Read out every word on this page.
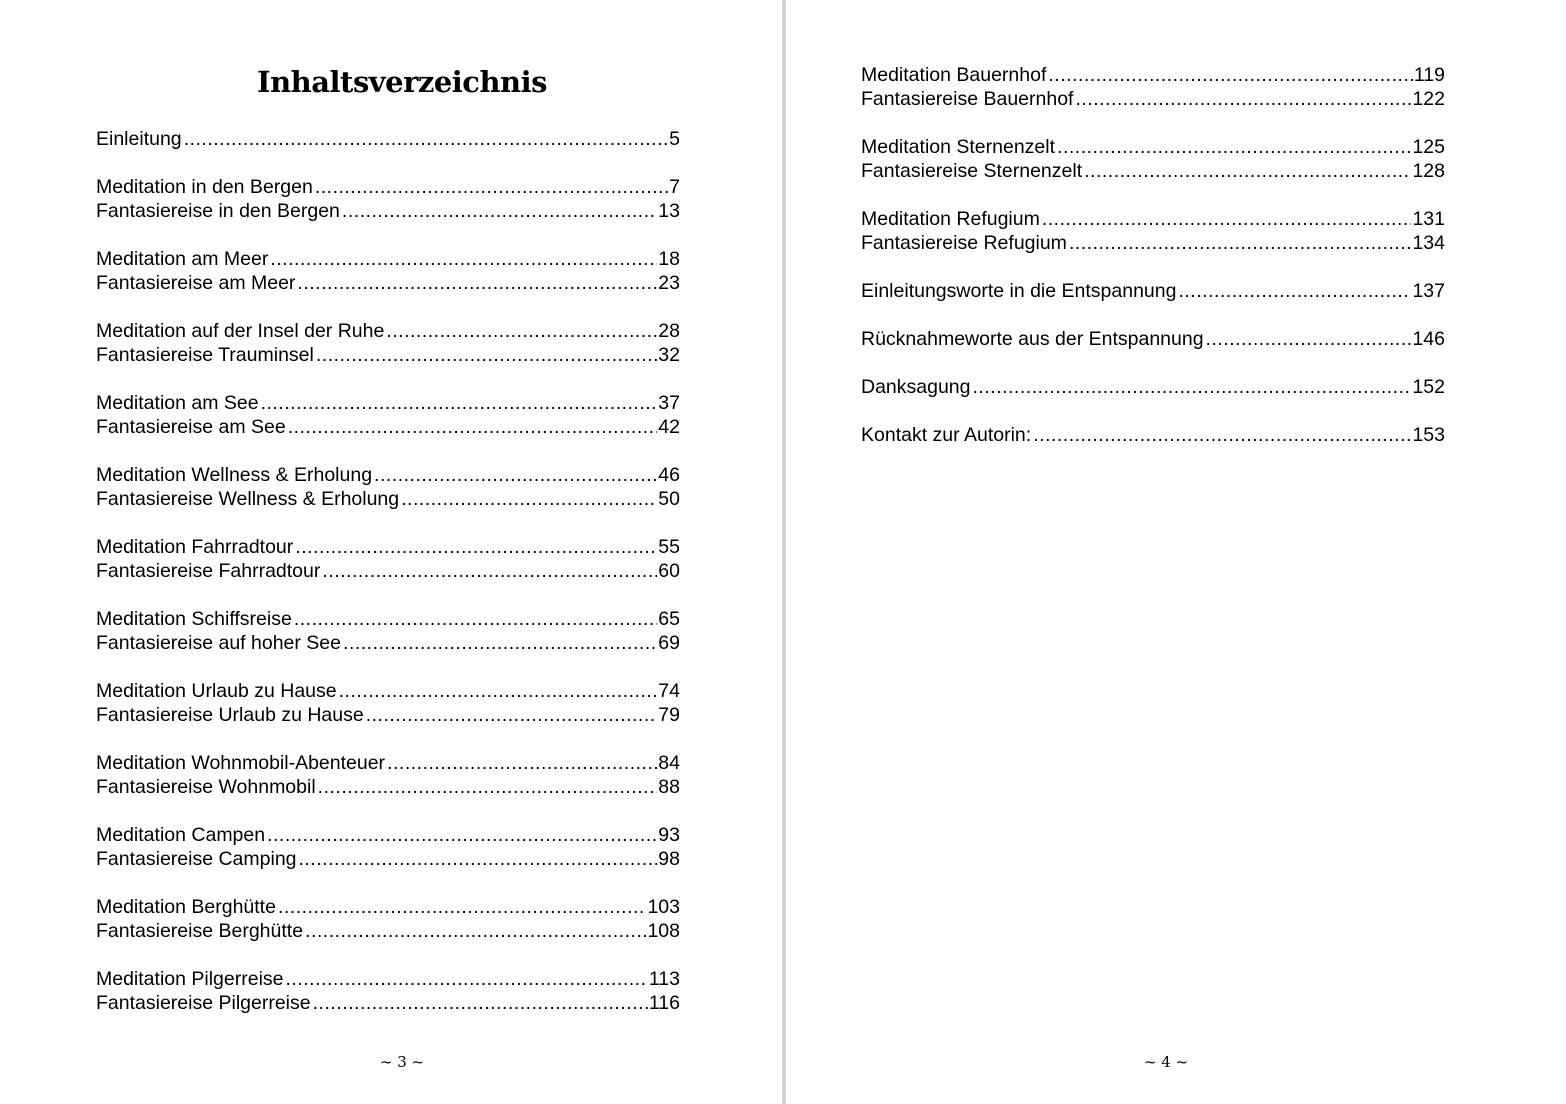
Inhaltsverzeichnis
Einleitung .....	5
Meditation in den Bergen .....	7
Fantasiereise in den Bergen .....	13
Meditation am Meer .....	18
Fantasiereise am Meer .....	23
Meditation auf der Insel der Ruhe .....	28
Fantasiereise Trauminsel .....	32
Meditation am See .....	37
Fantasiereise am See .....	42
Meditation Wellness & Erholung .....	46
Fantasiereise Wellness & Erholung .....	50
Meditation Fahrradtour .....	55
Fantasiereise Fahrradtour .....	60
Meditation Schiffsreise .....	65
Fantasiereise auf hoher See .....	69
Meditation Urlaub zu Hause .....	74
Fantasiereise Urlaub zu Hause .....	79
Meditation Wohnmobil-Abenteuer .....	84
Fantasiereise Wohnmobil .....	88
Meditation Campen .....	93
Fantasiereise Camping .....	98
Meditation Berghütte .....	103
Fantasiereise Berghütte .....	108
Meditation Pilgerreise .....	113
Fantasiereise Pilgerreise .....	116
~ 3 ~
Meditation Bauernhof .....	119
Fantasiereise Bauernhof .....	122
Meditation Sternenzelt .....	125
Fantasiereise Sternenzelt .....	128
Meditation Refugium .....	131
Fantasiereise Refugium .....	134
Einleitungsworte in die Entspannung .....	137
Rücknahmeworte aus der Entspannung .....	146
Danksagung .....	152
Kontakt zur Autorin: .....	153
~ 4 ~
